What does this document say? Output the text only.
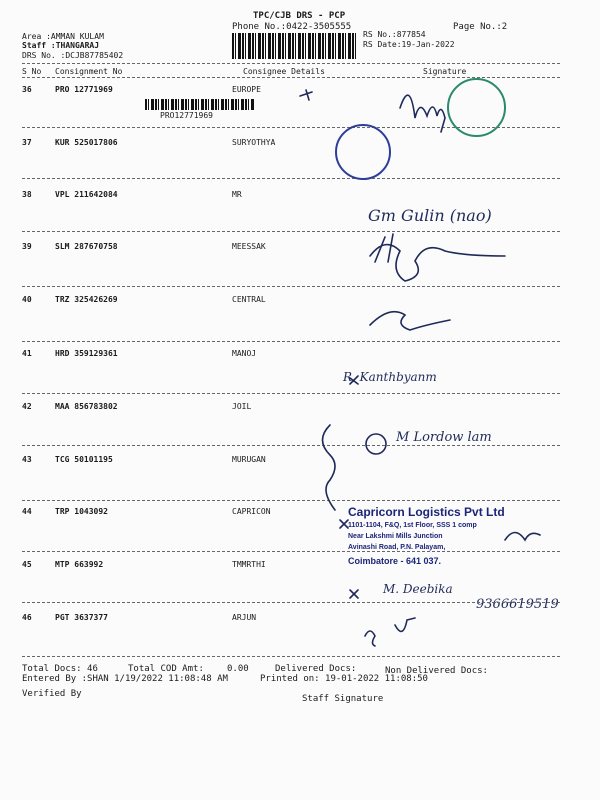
TPC/CJB DRS - PCP
Phone No.:0422-3505555	Page No.:2
Area :AMMAN KULAM
Staff :THANGARAJ
DRS No. :DCJB87785402
RS No.:877854
RS Date:19-Jan-2022
S No Consignment No	Consignee Details	Signature
36	PRO 12771969	EUROPE
PRO12771969
37	KUR 525017806	SURYOTHYA
38	VPL 211642084	MR
Gm Gulin (nao)
39	SLM 287670758	MEESSAK
40	TRZ 325426269	CENTRAL
41	HRD 359129361	MANOJ
R. Kanthbyanm
42	MAA 856783802	JOIL
M Lordow lam
43	TCG 50101195	MURUGAN
44	TRP 1043092	CAPRICON
45	MTP 663992	TMMRTHI
M. Deebika
9366619519
46	PGT 3637377	ARJUN
Capricorn Logistics Pvt Ltd
1101-1104, F&Q, 1st Floor, SSS 1 comp
Near Lakshmi Mills Junction
Avinashi Road, P.N. Palayam,
Coimbatore - 641 037.
Total Docs: 46	Total COD Amt:	0.00	Delivered Docs:	Non Delivered Docs:
Entered By :SHAN 1/19/2022 11:08:48 AM	Printed on: 19-01-2022 11:08:50
Verified By	Staff Signature
